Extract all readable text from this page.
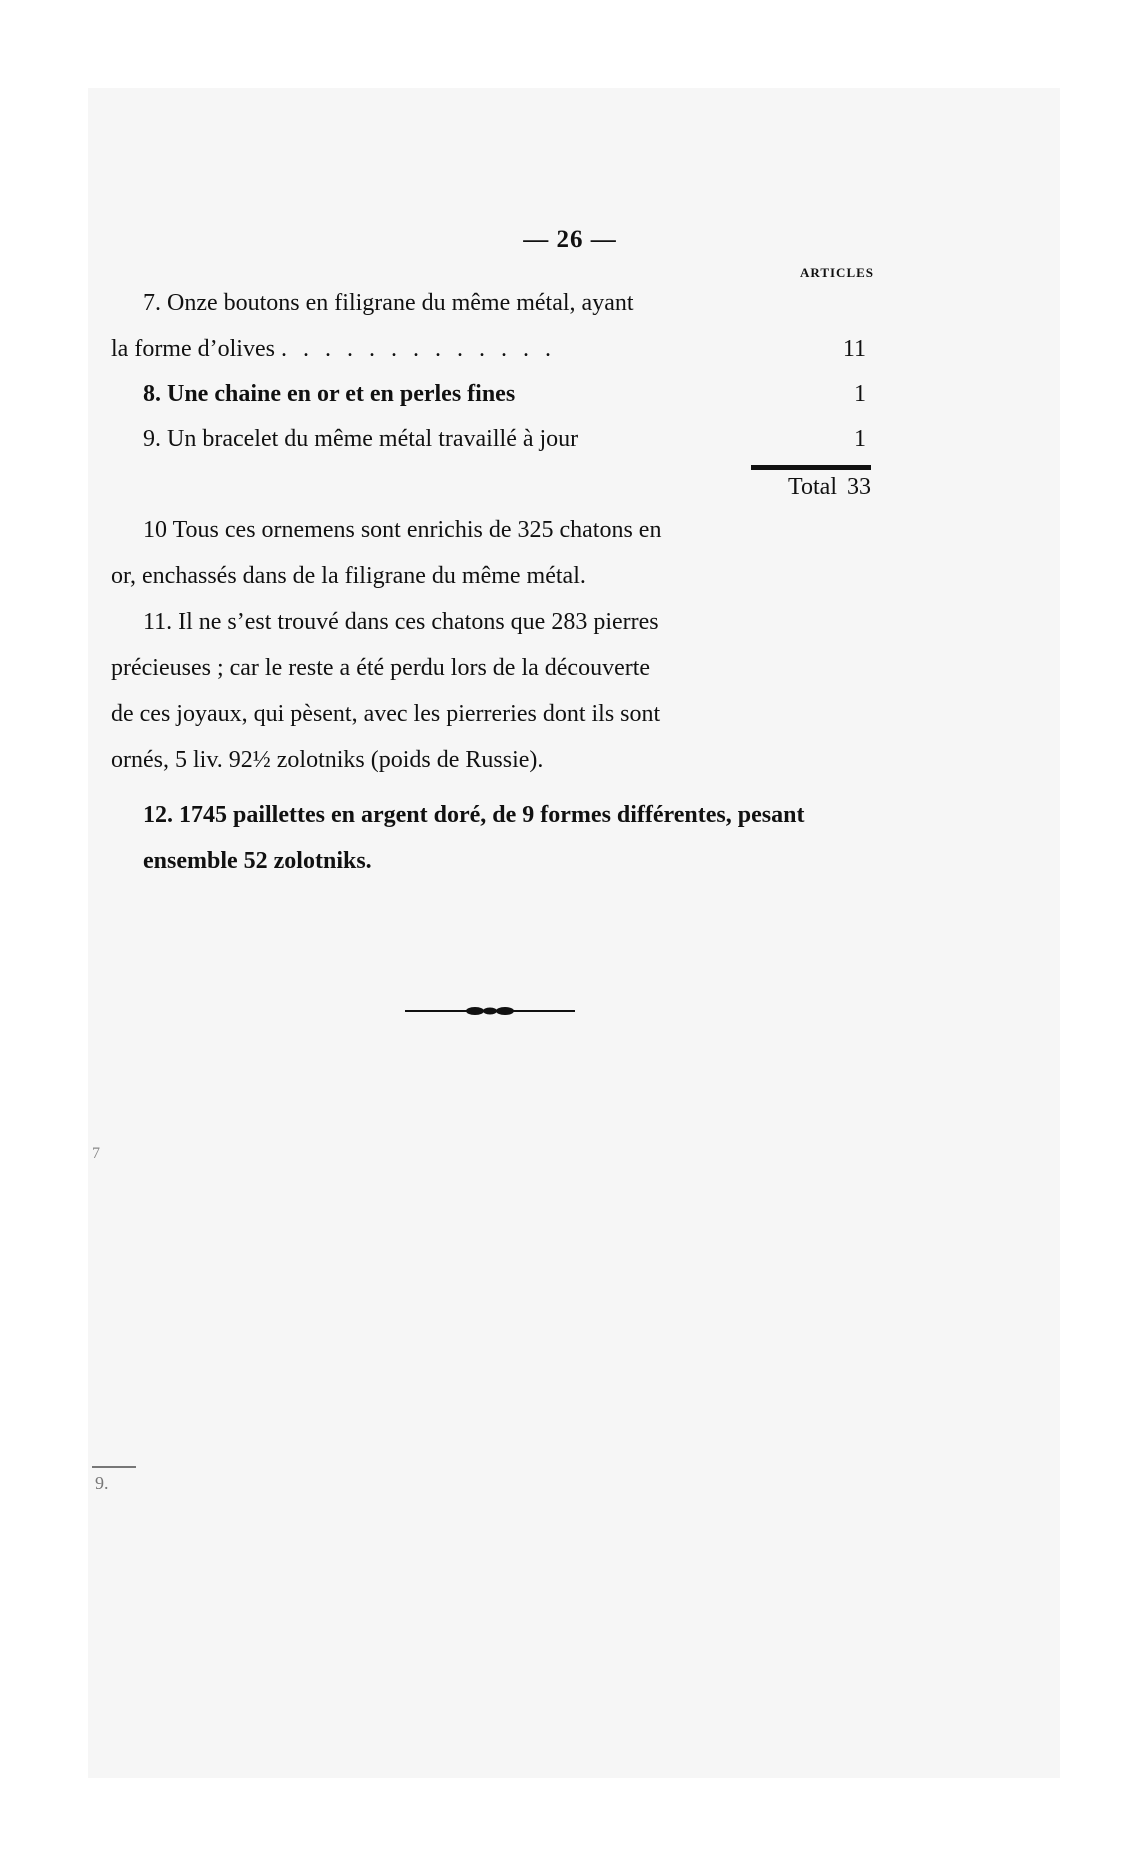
— 26 —
ARTICLES
7. Onze boutons en filigrane du même métal, ayant
la forme d’olives . . . . . . . . . . . . .	11
8. Une chaine en or et en perles fines	1
9. Un bracelet du même métal travaillé à jour	1
Total 33
10 Tous ces ornemens sont enrichis de 325 chatons en
or, enchassés dans de la filigrane du même métal.
11. Il ne s’est trouvé dans ces chatons que 283 pierres
précieuses ; car le reste a été perdu lors de la découverte
de ces joyaux, qui pèsent, avec les pierreries dont ils sont
ornés, 5 liv. 92½ zolotniks (poids de Russie).
12. 1745 paillettes en argent doré, de 9 formes différentes, pesant ensemble 52 zolotniks.
7
9.
